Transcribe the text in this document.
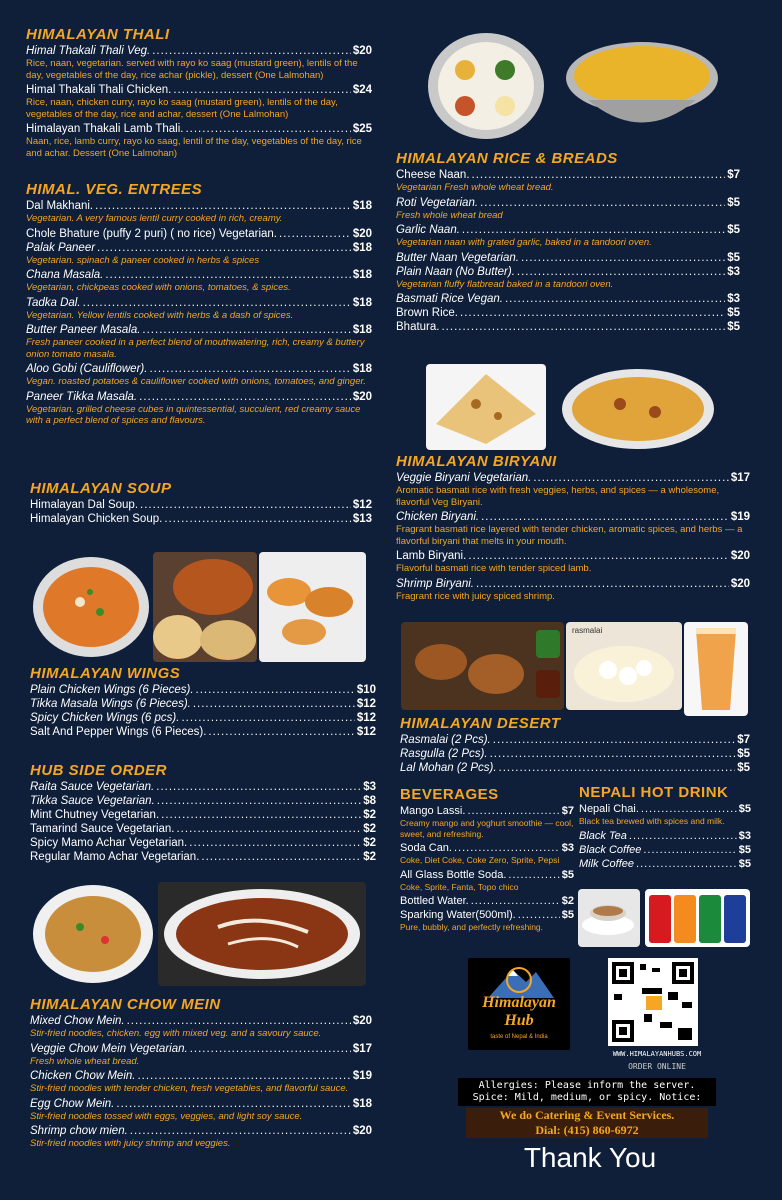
HIMALAYAN THALI
Himal Thakali Thali Veg. .....	$20
Rice, naan, vegetarian. served with rayo ko saag (mustard green), lentils of the day, vegetables of the day, rice achar (pickle), dessert (One Lalmohan)
Himal Thakali Thali Chicken. .....	$24
Rice, naan, chicken curry, rayo ko saag (mustard green), lentils of the day, vegetables of the day, rice and achar, dessert (One Lalmohan)
Himalayan Thakali Lamb Thali. .....	$25
Naan, rice, lamb curry, rayo ko saag, lentil of the day, vegetables of the day, rice and achar. Dessert (One Lalmohan)
HIMAL. VEG. ENTREES
Dal Makhani. .....	$18
Vegetarian. A very famous lentil curry cooked in rich, creamy.
Chole Bhature (puffy 2 puri) ( no rice) Vegetarian. .....	$20
Palak Paneer .....	$18
Vegetarian. spinach & paneer cooked in herbs & spices
Chana Masala. .....	$18
Vegetarian, chickpeas cooked with onions, tomatoes, & spices.
Tadka Dal. .....	$18
Vegetarian. Yellow lentils cooked with herbs & a dash of spices.
Butter Paneer Masala. .....	$18
Fresh paneer cooked in a perfect blend of mouthwatering, rich, creamy & buttery onion tomato masala.
Aloo Gobi (Cauliflower). .....	$18
Vegan. roasted potatoes & cauliflower cooked with onions, tomatoes, and ginger.
Paneer Tikka Masala. .....	$20
Vegetarian. grilled cheese cubes in quintessential, succulent, red creamy sauce with a perfect blend of spices and flavours.
HIMALAYAN SOUP
Himalayan Dal Soup. .....	$12
Himalayan Chicken Soup. .....	$13
HIMALAYAN WINGS
Plain Chicken Wings (6 Pieces). .....	$10
Tikka Masala Wings (6 Pieces). .....	$12
Spicy Chicken Wings (6 pcs). .....	$12
Salt And Pepper Wings (6 Pieces). .....	$12
HUB SIDE ORDER
Raita Sauce Vegetarian. .....	$3
Tikka Sauce Vegetarian. .....	$8
Mint Chutney Vegetarian. .....	$2
Tamarind Sauce Vegetarian. .....	$2
Spicy Mamo Achar Vegetarian. .....	$2
Regular Mamo Achar Vegetarian. .....	$2
HIMALAYAN CHOW MEIN
Mixed Chow Mein. .....	$20
Stir-fried noodles, chicken. egg with mixed veg. and a savoury sauce.
Veggie Chow Mein Vegetarian. .....	$17
Fresh whole wheat bread.
Chicken Chow Mein. .....	$19
Stir-fried noodles with tender chicken, fresh vegetables, and flavorful sauce.
Egg Chow Mein. .....	$18
Stir-fried noodles tossed with eggs, veggies, and light soy sauce.
Shrimp chow mien. .....	$20
Stir-fried noodles with juicy shrimp and veggies.
HIMALAYAN RICE & BREADS
Cheese Naan. .....	$7
Vegetarian Fresh whole wheat bread.
Roti Vegetarian. .....	$5
Fresh whole wheat bread
Garlic Naan. .....	$5
Vegetarian naan with grated garlic, baked in a tandoori oven.
Butter Naan Vegetarian. .....	$5
Plain Naan (No Butter). .....	$3
Vegetarian fluffy flatbread baked in a tandoori oven.
Basmati Rice Vegan. .....	$3
Brown Rice. .....	$5
Bhatura. .....	$5
HIMALAYAN BIRYANI
Veggie Biryani Vegetarian. .....	$17
Aromatic basmati rice with fresh veggies, herbs, and spices — a wholesome, flavorful Veg Biryani.
Chicken Biryani. .....	$19
Fragrant basmati rice layered with tender chicken, aromatic spices, and herbs — a flavorful biryani that melts in your mouth.
Lamb Biryani. .....	$20
Flavorful basmati rice with tender spiced lamb.
Shrimp Biryani. .....	$20
Fragrant rice with juicy spiced shrimp.
rasmalai
HIMALAYAN DESERT
Rasmalai (2 Pcs). .....	$7
Rasgulla (2 Pcs). .....	$5
Lal Mohan (2 Pcs). .....	$5
BEVERAGES
Mango Lassi. .....	$7
Creamy mango and yoghurt smoothie — cool, sweet, and refreshing.
Soda Can. .....	$3
Coke, Diet Coke, Coke Zero, Sprite, Pepsi
All Glass Bottle Soda. .....	$5
Coke, Sprite, Fanta, Topo chico
Bottled Water. .....	$2
Sparking Water(500ml). .....	$5
Pure, bubbly, and perfectly refreshing.
NEPALI HOT DRINK
Nepali Chai. .....	$5
Black tea brewed with spices and milk.
Black Tea .....	$3
Black Coffee .....	$5
Milk Coffee .....	$5
Himalayan
Hub
taste of Nepal & India
WWW.HIMALAYANHUBS.COM
ORDER ONLINE
Allergies: Please inform the server.
Spice: Mild, medium, or spicy. Notice:
We do Catering & Event Services.
Dial: (415) 860-6972
Thank You
